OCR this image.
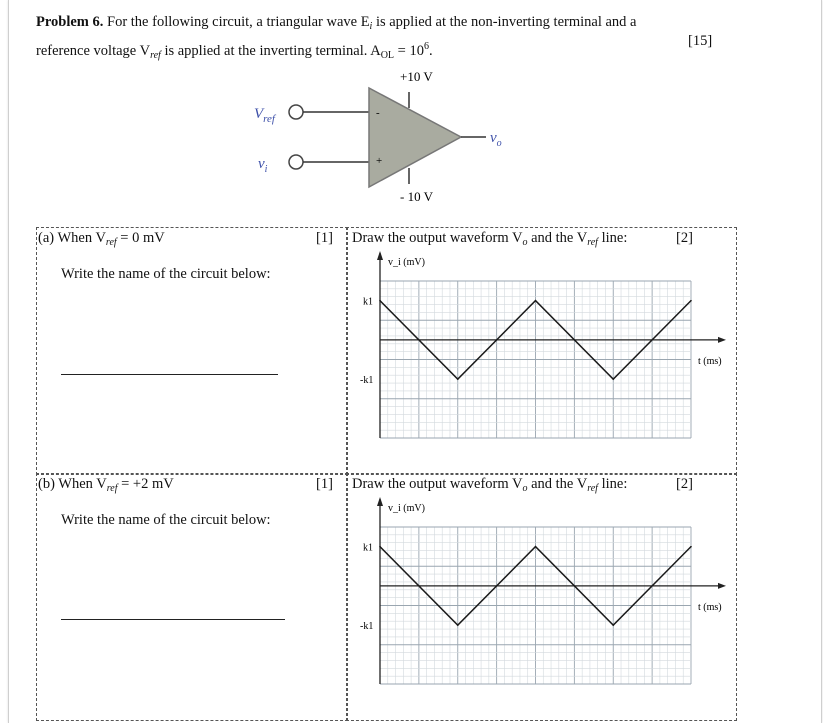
Problem 6. For the following circuit, a triangular wave $E_i$ is applied at the non-inverting terminal and a
reference voltage $V_{ref}$ is applied at the inverting terminal. $A_{OL} = 10^6$.
[15]
-
+
+10 V
- 10 V
$V_{ref}$
$v_i$
$v_o$
(a) When $V_{ref} = 0$ mV	[1]
Write the name of the circuit below:
Draw the output waveform $V_o$ and the $V_{ref}$ line:	[2]
v_i (mV)
t (ms)
k1
-k1
(b) When $V_{ref} = +2$ mV	[1]
Write the name of the circuit below:
Draw the output waveform $V_o$ and the $V_{ref}$ line:	[2]
v_i (mV)
t (ms)
k1
-k1
